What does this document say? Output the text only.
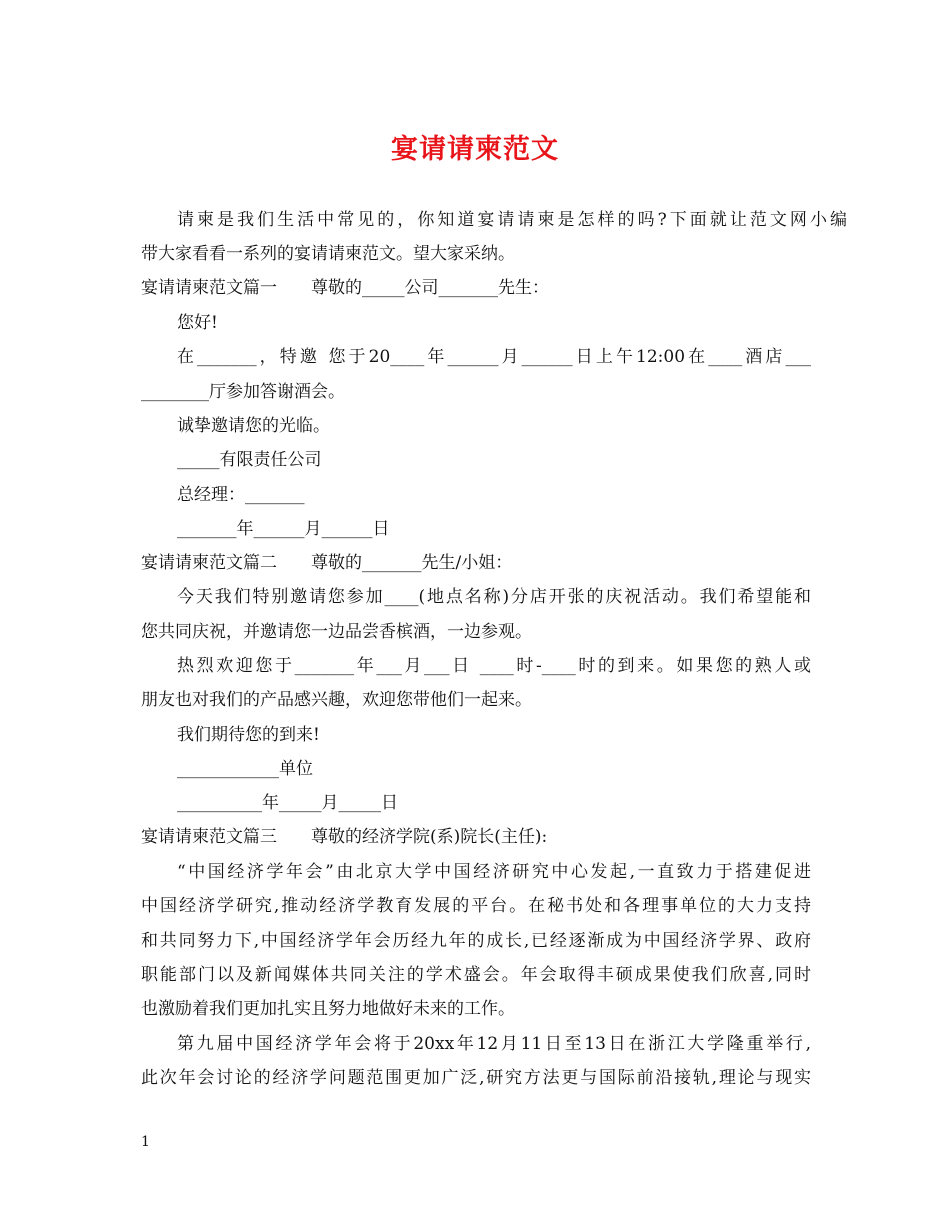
宴请请柬范文
请柬是我们生活中常见的，你知道宴请请柬是怎样的吗?下面就让范文网小编
带大家看看一系列的宴请请柬范文。望大家采纳。
宴请请柬范文篇一　　尊敬的_____公司_______先生：
您好!
在_______，特邀 您于20____年______月______日上午12:00在____酒店___
________厅参加答谢酒会。
诚挚邀请您的光临。
_____有限责任公司
总经理：_______
_______年______月______日
宴请请柬范文篇二　　尊敬的_______先生/小姐：
今天我们特别邀请您参加____(地点名称)分店开张的庆祝活动。我们希望能和
您共同庆祝，并邀请您一边品尝香槟酒，一边参观。
热烈欢迎您于_______年___月___日 ____时-____时的到来。如果您的熟人或
朋友也对我们的产品感兴趣，欢迎您带他们一起来。
我们期待您的到来!
____________单位
__________年_____月_____日
宴请请柬范文篇三　　尊敬的经济学院(系)院长(主任):
“中国经济学年会”由北京大学中国经济研究中心发起,一直致力于搭建促进
中国经济学研究,推动经济学教育发展的平台。在秘书处和各理事单位的大力支持
和共同努力下,中国经济学年会历经九年的成长,已经逐渐成为中国经济学界、政府
职能部门以及新闻媒体共同关注的学术盛会。年会取得丰硕成果使我们欣喜,同时
也激励着我们更加扎实且努力地做好未来的工作。
第九届中国经济学年会将于20xx年12月11日至13日在浙江大学隆重举行,
此次年会讨论的经济学问题范围更加广泛,研究方法更与国际前沿接轨,理论与现实
1
